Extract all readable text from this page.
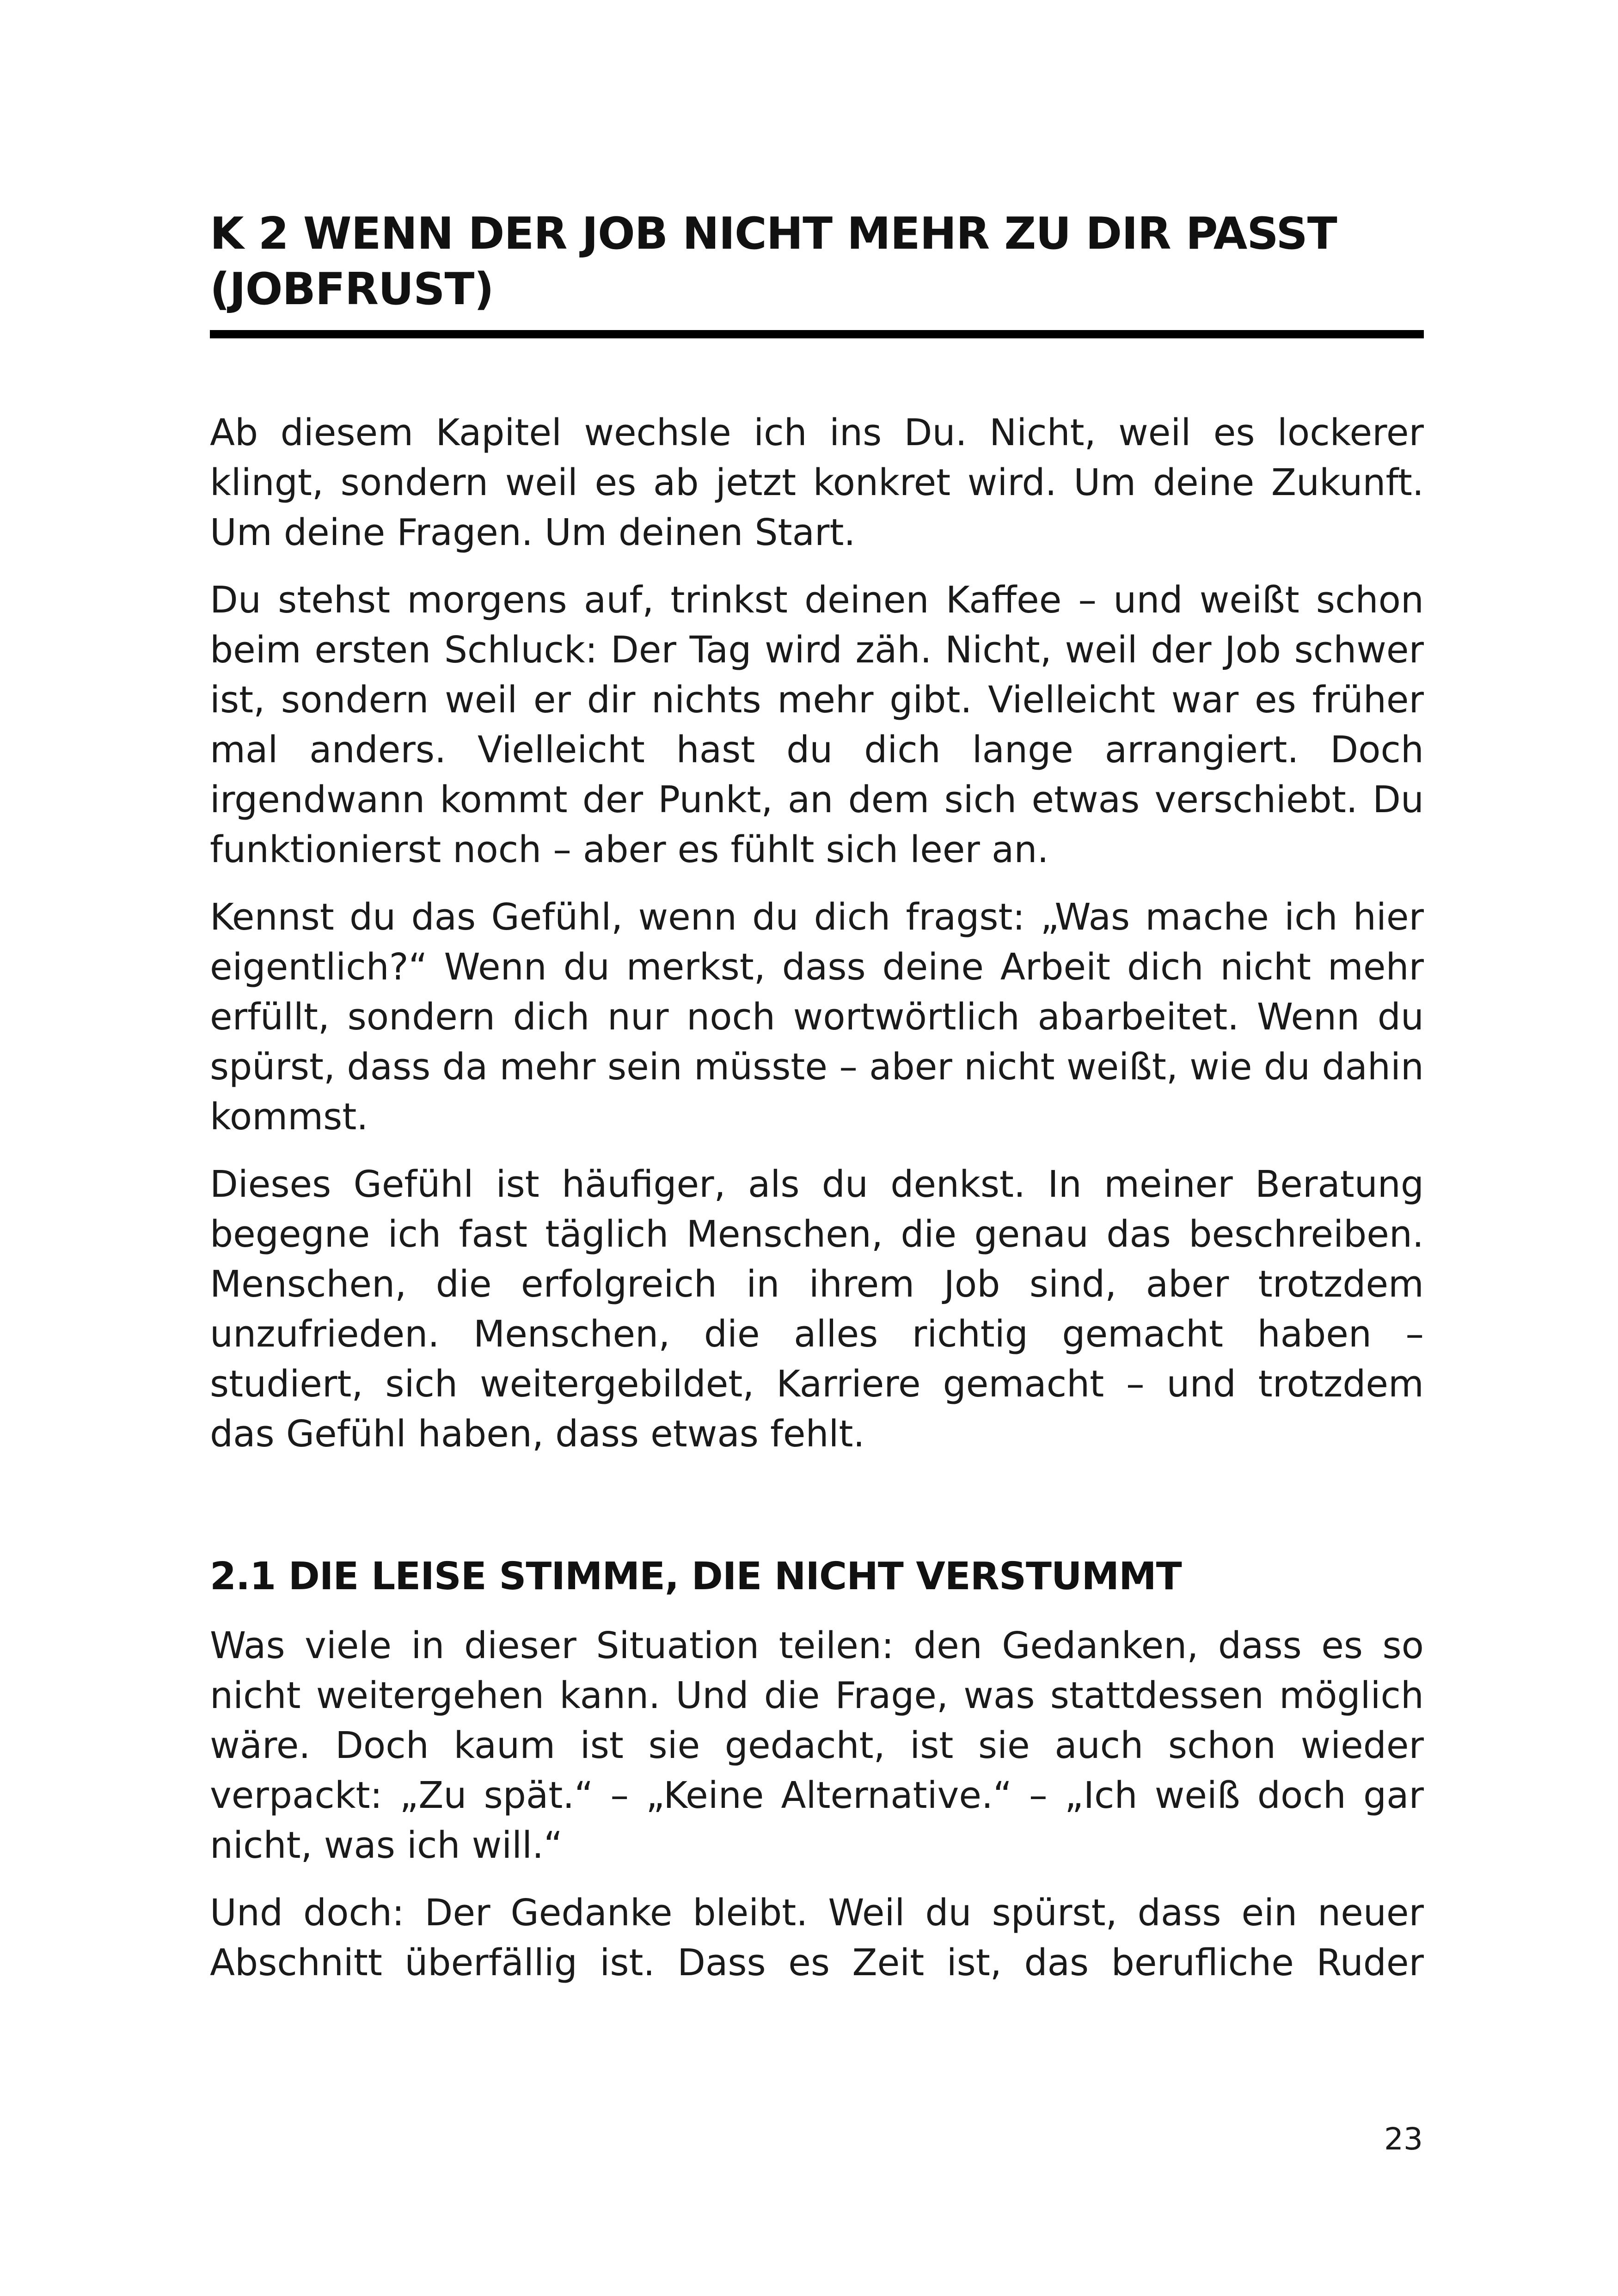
K 2 WENN DER JOB NICHT MEHR ZU DIR PASST
(JOBFRUST)

Ab diesem Kapitel wechsle ich ins Du. Nicht, weil es lockerer klingt, sondern weil es ab jetzt konkret wird. Um deine Zukunft. Um deine Fragen. Um deinen Start.

Du stehst morgens auf, trinkst deinen Kaffee – und weißt schon beim ersten Schluck: Der Tag wird zäh. Nicht, weil der Job schwer ist, sondern weil er dir nichts mehr gibt. Vielleicht war es früher mal anders. Vielleicht hast du dich lange arrangiert. Doch irgendwann kommt der Punkt, an dem sich etwas verschiebt. Du funktionierst noch – aber es fühlt sich leer an.

Kennst du das Gefühl, wenn du dich fragst: „Was mache ich hier eigentlich?“ Wenn du merkst, dass deine Arbeit dich nicht mehr erfüllt, sondern dich nur noch wortwörtlich abarbeitet. Wenn du spürst, dass da mehr sein müsste – aber nicht weißt, wie du dahin kommst.

Dieses Gefühl ist häufiger, als du denkst. In meiner Beratung begegne ich fast täglich Menschen, die genau das beschreiben. Menschen, die erfolgreich in ihrem Job sind, aber trotzdem unzufrieden. Menschen, die alles richtig gemacht haben – studiert, sich weitergebildet, Karriere gemacht – und trotzdem das Gefühl haben, dass etwas fehlt.

2.1 DIE LEISE STIMME, DIE NICHT VERSTUMMT

Was viele in dieser Situation teilen: den Gedanken, dass es so nicht weitergehen kann. Und die Frage, was stattdessen möglich wäre. Doch kaum ist sie gedacht, ist sie auch schon wieder verpackt: „Zu spät.“ – „Keine Alternative.“ – „Ich weiß doch gar nicht, was ich will.“

Und doch: Der Gedanke bleibt. Weil du spürst, dass ein neuer Abschnitt überfällig ist. Dass es Zeit ist, das berufliche Ruder

23
